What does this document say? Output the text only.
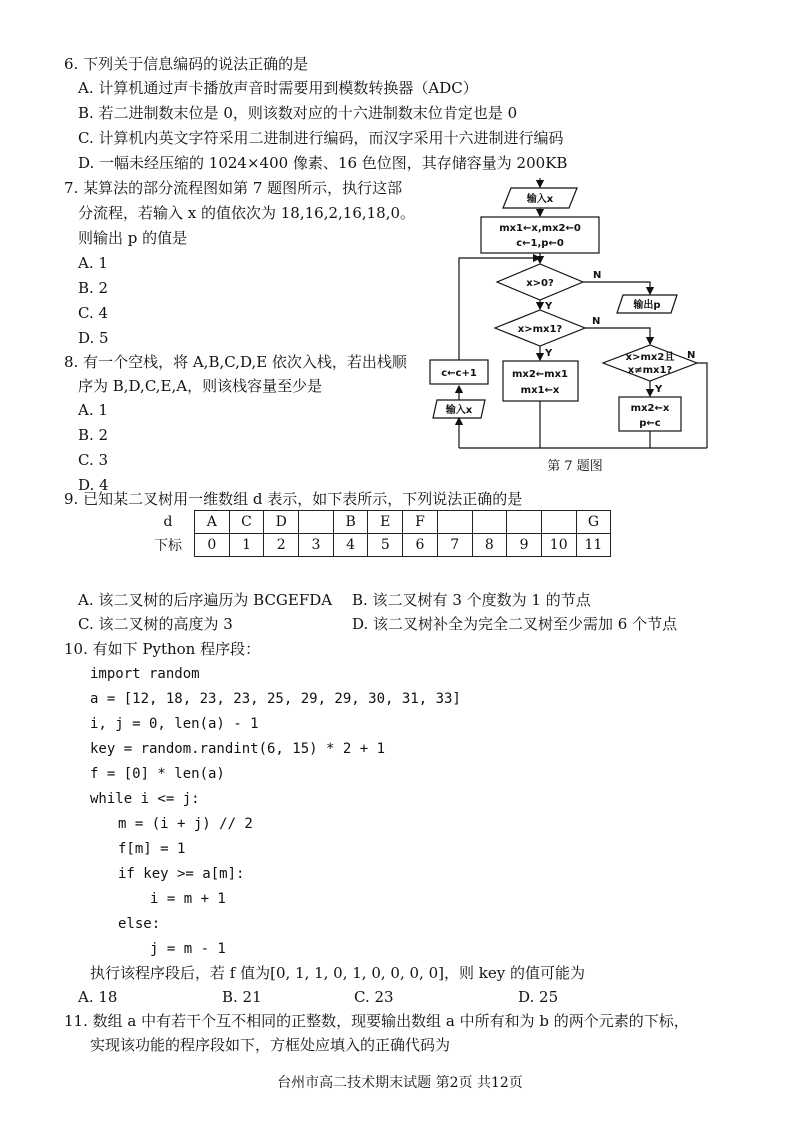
6. 下列关于信息编码的说法正确的是
A. 计算机通过声卡播放声音时需要用到模数转换器（ADC）
B. 若二进制数末位是 0，则该数对应的十六进制数末位肯定也是 0
C. 计算机内英文字符采用二进制进行编码，而汉字采用十六进制进行编码
D. 一幅未经压缩的 1024×400 像素、16 色位图，其存储容量为 200KB
7. 某算法的部分流程图如第 7 题图所示，执行这部
分流程，若输入 x 的值依次为 18,16,2,16,18,0。
则输出 p 的值是
A. 1
B. 2
C. 4
D. 5
8. 有一个空栈，将 A,B,C,D,E 依次入栈，若出栈顺
序为 B,D,C,E,A，则该栈容量至少是
A. 1
B. 2
C. 3
D. 4
输入x
mx1←x,mx2←0
c←1,p←0
x>0?
N
输出p
Y
x>mx1?
N
Y
mx2←mx1
mx1←x
x>mx2且
x≠mx1?
N
Y
mx2←x
p←c
c←c+1
输入x
第 7 题图
9. 已知某二叉树用一维数组 d 表示，如下表所示，下列说法正确的是
d	A	C	D		B	E	F					G
下标	0	1	2	3	4	5	6	7	8	9	10	11
A. 该二叉树的后序遍历为 BCGEFDA B. 该二叉树有 3 个度数为 1 的节点
C. 该二叉树的高度为 3	D. 该二叉树补全为完全二叉树至少需加 6 个节点
10. 有如下 Python 程序段：
import random
a = [12, 18, 23, 23, 25, 29, 29, 30, 31, 33]
i, j = 0, len(a) - 1
key = random.randint(6, 15) * 2 + 1
f = [0] * len(a)
while i <= j:
m = (i + j) // 2
f[m] = 1
if key >= a[m]:
i = m + 1
else:
j = m - 1
执行该程序段后，若 f 值为[0, 1, 1, 0, 1, 0, 0, 0, 0]，则 key 的值可能为
A. 18	B. 21	C. 23	D. 25
11. 数组 a 中有若干个互不相同的正整数，现要输出数组 a 中所有和为 b 的两个元素的下标，
实现该功能的程序段如下，方框处应填入的正确代码为
台州市高二技术期末试题 第2页 共12页
